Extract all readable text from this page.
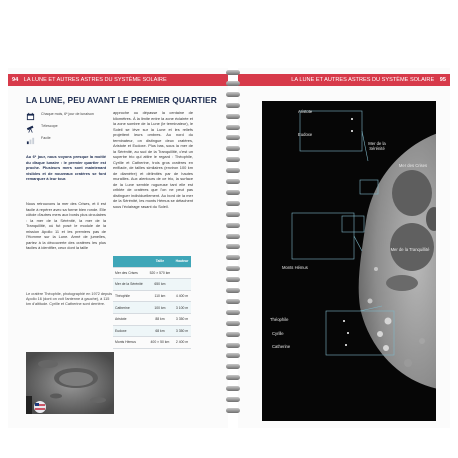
94 LA LUNE ET AUTRES ASTRES DU SYSTÈME SOLAIRE	LA LUNE ET AUTRES ASTRES DU SYSTÈME SOLAIRE 95
LA LUNE, PEU AVANT LE PREMIER QUARTIER
Chaque mois, 6ᵉ jour de lunaison
Télescope
Facile
Au 6ᵉ jour, nous voyons presque la moitié du disque lunaire : le premier quartier est proche. Plusieurs mers sont maintenant visibles et de nouveaux cratères se font remarquer à leur tour.
Nous retrouvons la mer des Crises, et il est facile à repérer avec sa forme bien ronde. Elle côtoie d'autres mers aux bords plus circulaires : la mer de la Sérénité, la mer de la Tranquillité, où fut posé le module de la mission Apollo 11 et les premiers pas de l'Homme sur la Lune. Armé de jumelles, partez à la découverte des cratères les plus faciles à identifier, ceux dont la taille
approche ou dépasse la centaine de kilomètres. À la limite entre la zone éclairée et la zone sombre de la Lune (le terminateur), le Soleil se lève sur la Lune et les reliefs projettent leurs ombres. Au nord du terminateur, on distingue deux cratères, Aristote et Eudoxe. Plus bas, sous la mer de la Sérénité, au sud de la Tranquillité, c'est un superbe trio qui attire le regard : Théophile, Cyrille et Catherine, trois gros cratères en enfilade, de tailles similaires (environ 100 km de diamètre) et délimités par de hautes murailles. Aux alentours de ce trio, la surface de la Lune semble rugueuse tant elle est criblée de cratères que l'on ne peut pas distinguer individuellement. Au bord de la mer de la Sérénité, les monts Hémus se détachent sous l'éclairage rasant du Soleil.
Le cratère Théophile, photographié en 1972 depuis Apollo 16 (dont on voit l'antenne à gauche), à 115 km d'altitude. Cyrille et Catherine sont derrière.
	Taille	Hauteur
Mer des Crises	520 × 570 km	
Mer de la Sérénité	650 km	
Théophile	110 km	4 400 m
Catherine	100 km	3 100 m
Aristote	88 km	3 350 m
Eudoxe	68 km	3 350 m
Monts Hémus	400 × 50 km	2 400 m
Aristote
Eudoxe
Mer de la Sérénité
Mer des Crises
Monts Hémus
Mer de la Tranquillité
Théophile
Cyrille
Catherine
